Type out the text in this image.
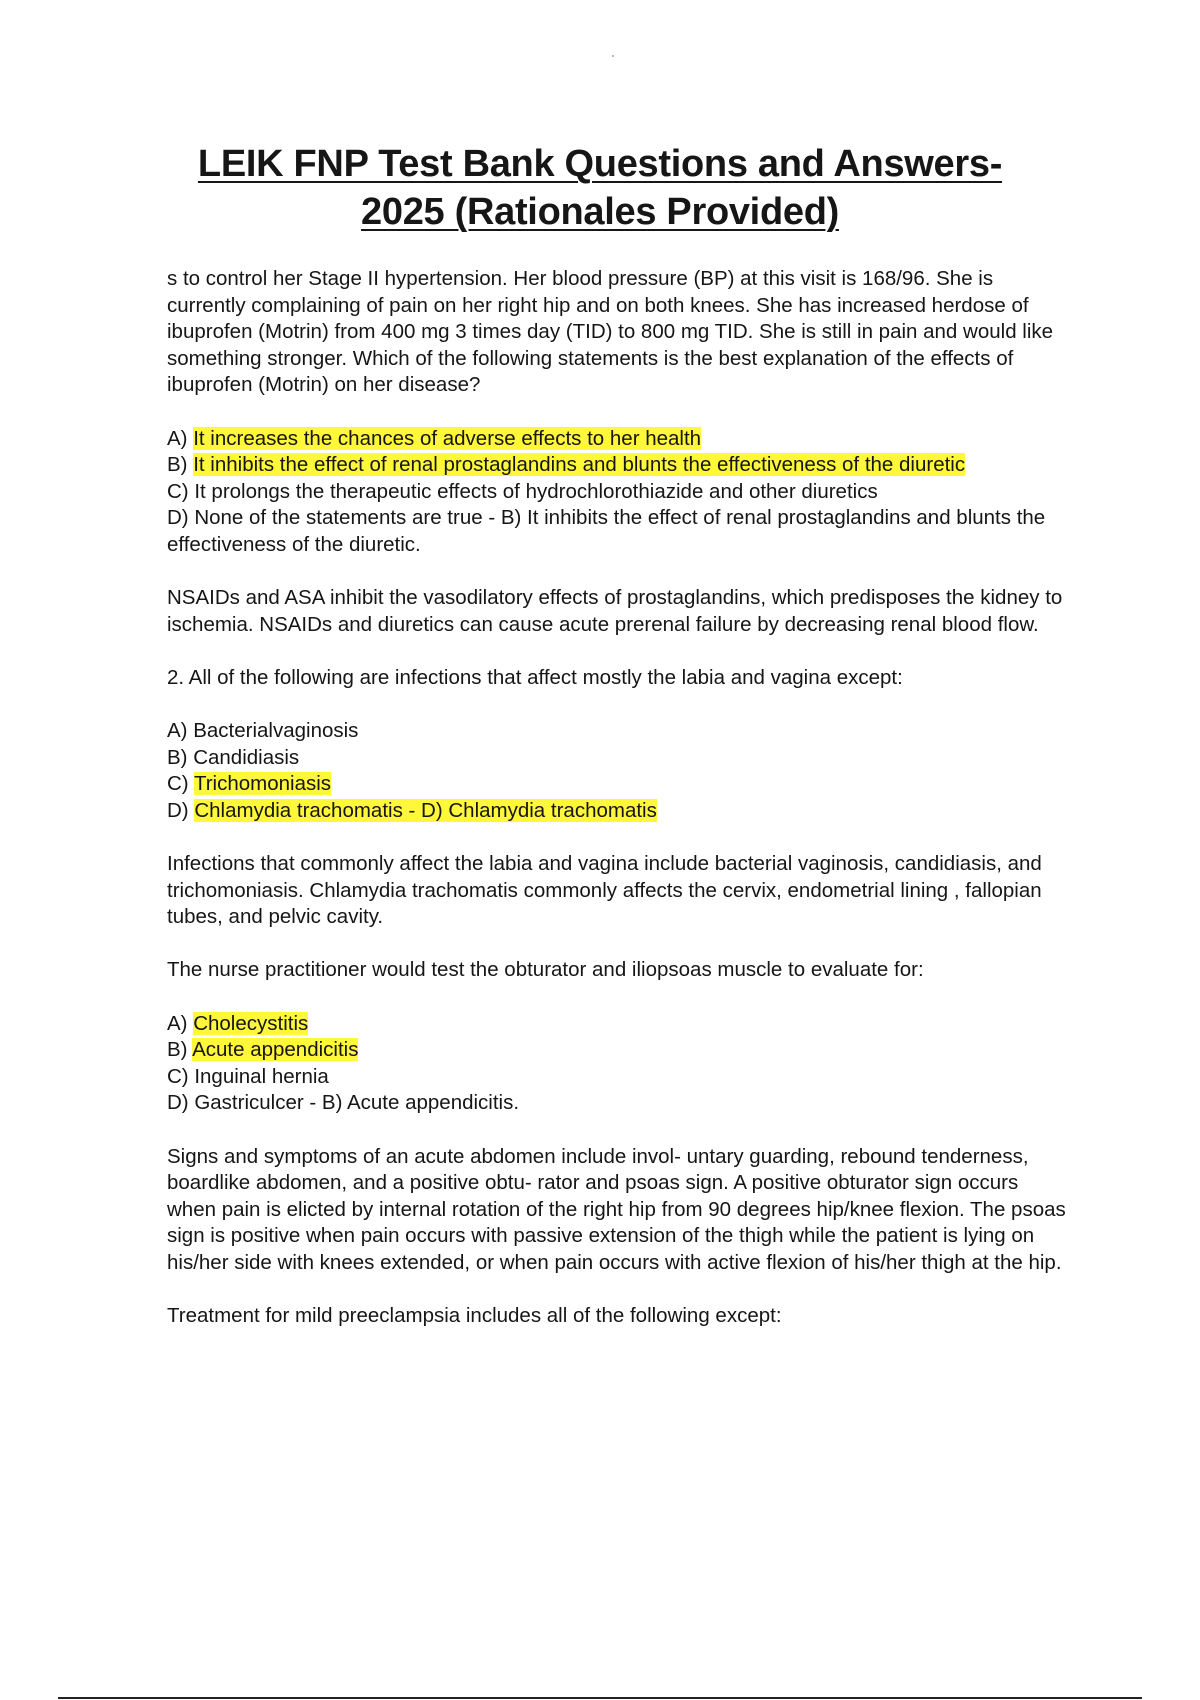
LEIK FNP Test Bank Questions and Answers-
2025 (Rationales Provided)

s to control her Stage II hypertension. Her blood pressure (BP) at this visit is 168/96. She is currently complaining of pain on her right hip and on both knees. She has increased herdose of ibuprofen (Motrin) from 400 mg 3 times day (TID) to 800 mg TID. She is still in pain and would like something stronger. Which of the following statements is the best explanation of the effects of ibuprofen (Motrin) on her disease?

A) It increases the chances of adverse effects to her health
B) It inhibits the effect of renal prostaglandins and blunts the effectiveness of the diuretic
C) It prolongs the therapeutic effects of hydrochlorothiazide and other diuretics
D) None of the statements are true - B) It inhibits the effect of renal prostaglandins and blunts the effectiveness of the diuretic.

NSAIDs and ASA inhibit the vasodilatory effects of prostaglandins, which predisposes the kidney to ischemia. NSAIDs and diuretics can cause acute prerenal failure by decreasing renal blood flow.

2. All of the following are infections that affect mostly the labia and vagina except:

A) Bacterialvaginosis
B) Candidiasis
C) Trichomoniasis
D) Chlamydia trachomatis - D) Chlamydia trachomatis

Infections that commonly affect the labia and vagina include bacterial vaginosis, candidiasis, and trichomoniasis. Chlamydia trachomatis commonly affects the cervix, endometrial lining , fallopian tubes, and pelvic cavity.

The nurse practitioner would test the obturator and iliopsoas muscle to evaluate for:

A) Cholecystitis
B) Acute appendicitis
C) Inguinal hernia
D) Gastriculcer - B) Acute appendicitis.

Signs and symptoms of an acute abdomen include invol- untary guarding, rebound tenderness, boardlike abdomen, and a positive obtu- rator and psoas sign. A positive obturator sign occurs when pain is elicted by internal rotation of the right hip from 90 degrees hip/knee flexion. The psoas sign is positive when pain occurs with passive extension of the thigh while the patient is lying on his/her side with knees extended, or when pain occurs with active flexion of his/her thigh at the hip.

Treatment for mild preeclampsia includes all of the following except:
